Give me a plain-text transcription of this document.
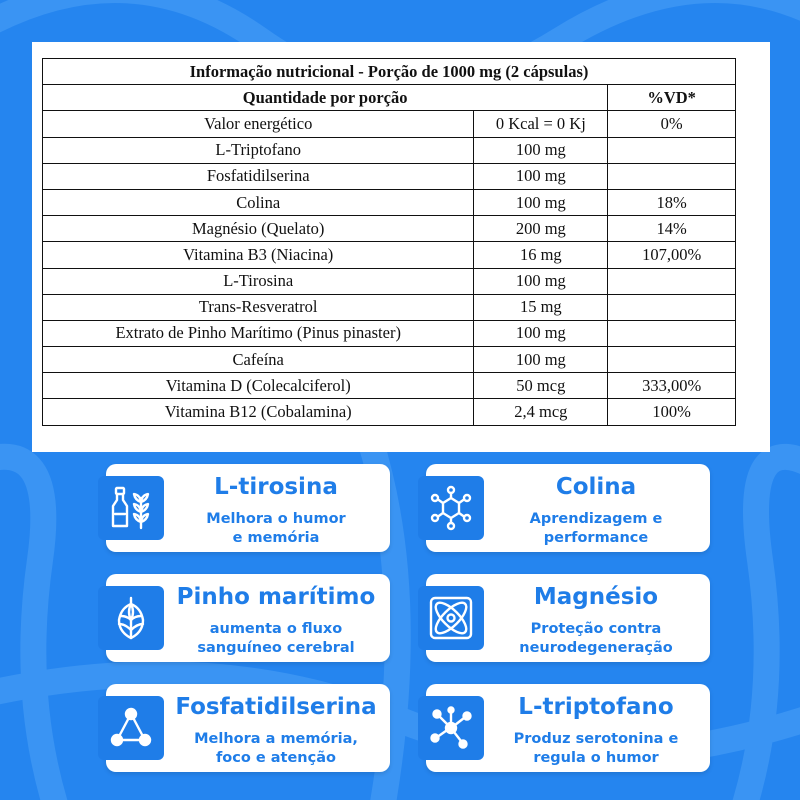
Informação nutricional - Porção de 1000 mg (2 cápsulas)		
Quantidade por porção		%VD*
Valor energético	0 Kcal = 0 Kj	0%
L-Triptofano	100 mg	
Fosfatidilserina	100 mg	
Colina	100 mg	18%
Magnésio (Quelato)	200 mg	14%
Vitamina B3 (Niacina)	16 mg	107,00%
L-Tirosina	100 mg	
Trans-Resveratrol	15 mg	
Extrato de Pinho Marítimo (Pinus pinaster)	100 mg	
Cafeína	100 mg	
Vitamina D (Colecalciferol)	50 mcg	333,00%
Vitamina B12 (Cobalamina)	2,4 mcg	100%
L-tirosina
Melhora o humor
e memória
Colina
Aprendizagem e
performance
Pinho marítimo
aumenta o fluxo
sanguíneo cerebral
Magnésio
Proteção contra
neurodegeneração
Fosfatidilserina
Melhora a memória,
foco e atenção
L-triptofano
Produz serotonina e
regula o humor
